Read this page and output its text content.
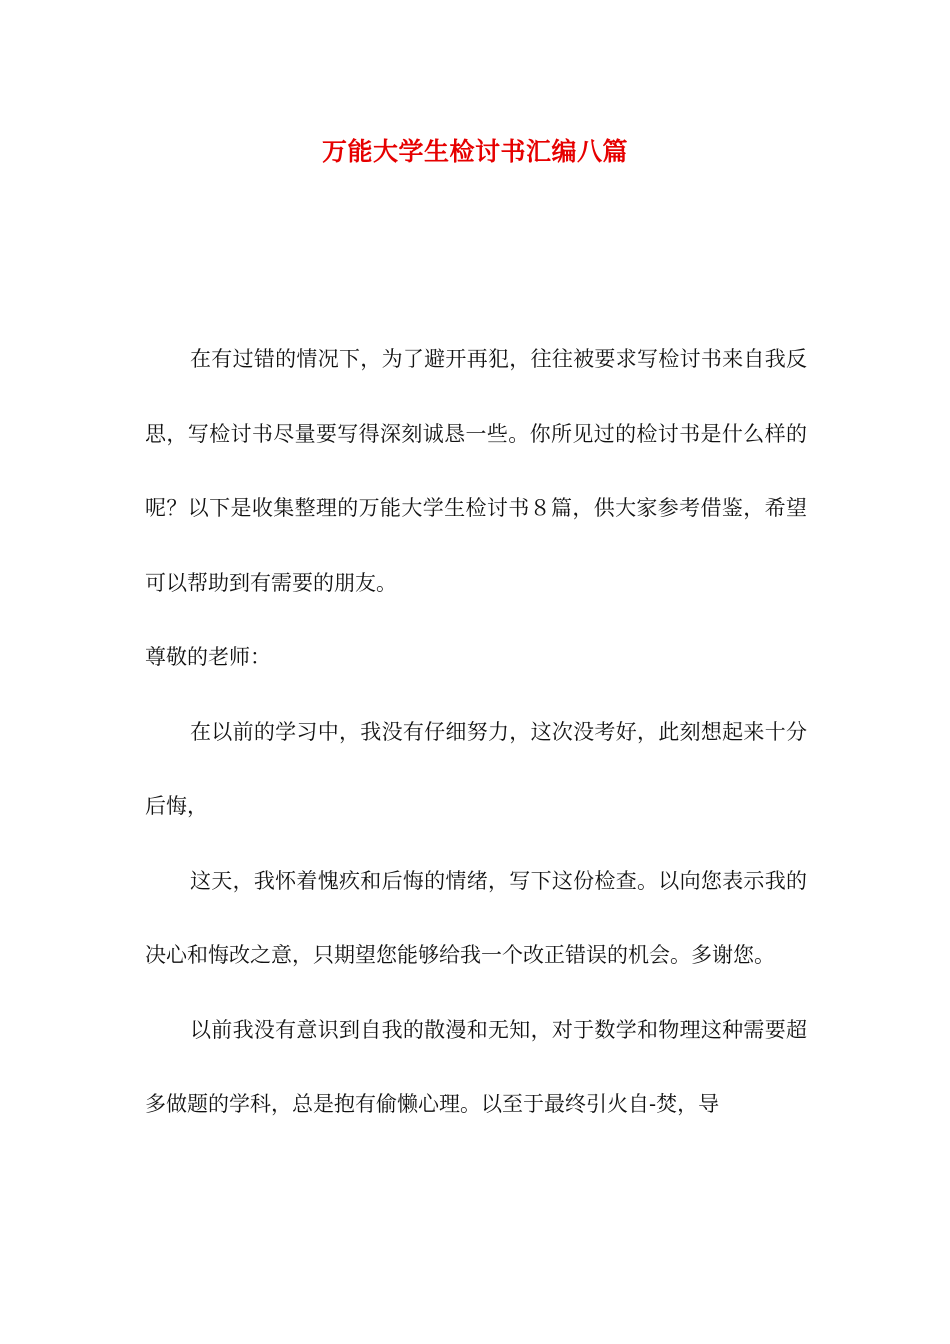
万能大学生检讨书汇编八篇

在有过错的情况下，为了避开再犯，往往被要求写检讨书来自我反思，写检讨书尽量要写得深刻诚恳一些。你所见过的检讨书是什么样的呢？以下是收集整理的万能大学生检讨书８篇，供大家参考借鉴，希望可以帮助到有需要的朋友。

尊敬的老师：

在以前的学习中，我没有仔细努力，这次没考好，此刻想起来十分后悔，

这天，我怀着愧疚和后悔的情绪，写下这份检查。以向您表示我的决心和悔改之意，只期望您能够给我一个改正错误的机会。多谢您。

以前我没有意识到自我的散漫和无知，对于数学和物理这种需要超多做题的学科，总是抱有偷懒心理。以至于最终引火自-焚，导
